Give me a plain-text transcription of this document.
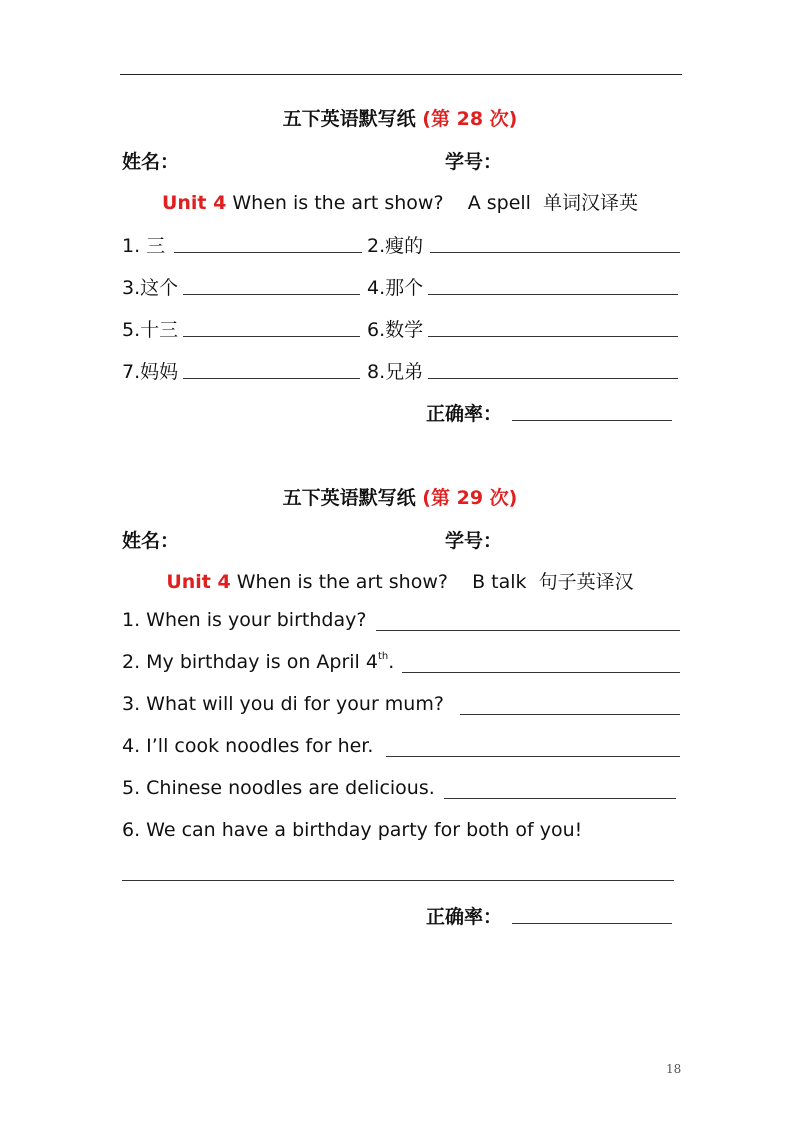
五下英语默写纸 (第 28 次)
姓名：	学号：
Unit 4 When is the art show?    A spell  单词汉译英
1. 三	2.瘦的
3.这个	4.那个
5.十三	6.数学
7.妈妈	8.兄弟
正确率：
五下英语默写纸 (第 29 次)
姓名：	学号：
Unit 4 When is the art show?    B talk  句子英译汉
1. When is your birthday?
2. My birthday is on April 4th.
3. What will you di for your mum?
4. I’ll cook noodles for her.
5. Chinese noodles are delicious.
6. We can have a birthday party for both of you!
正确率：
18
